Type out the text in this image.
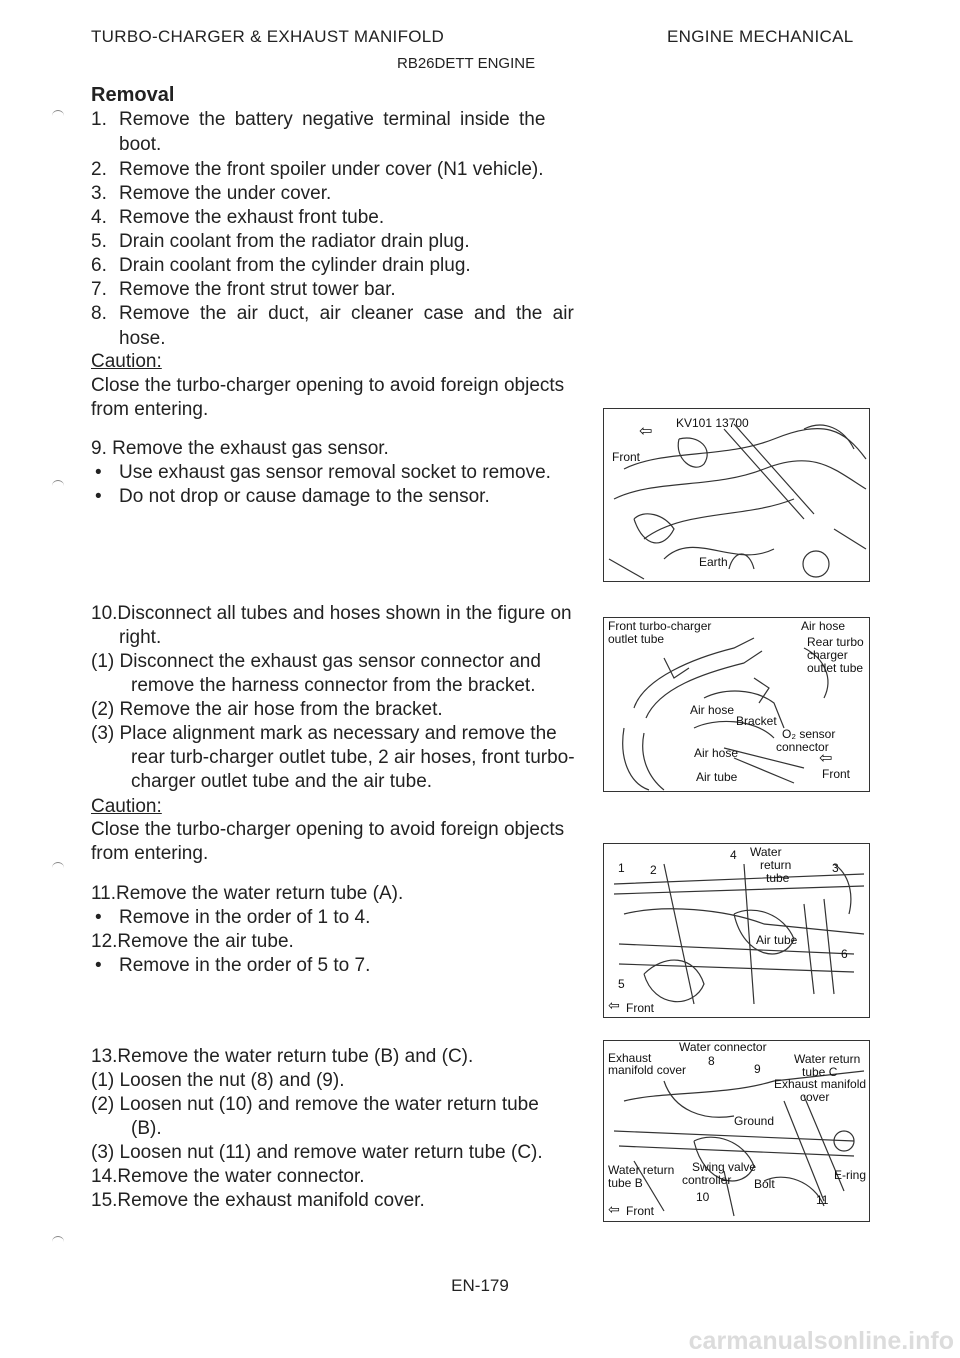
TURBO-CHARGER & EXHAUST MANIFOLD	ENGINE MECHANICAL
RB26DETT ENGINE
Removal
1. Remove the battery negative terminal inside the
boot.
2. Remove the front spoiler under cover (N1 vehicle).
3. Remove the under cover.
4. Remove the exhaust front tube.
5. Drain coolant from the radiator drain plug.
6. Drain coolant from the cylinder drain plug.
7. Remove the front strut tower bar.
8. Remove the air duct, air cleaner case and the air
hose.
Caution:
Close the turbo-charger opening to avoid foreign objects
from entering.
9. Remove the exhaust gas sensor.
• Use exhaust gas sensor removal socket to remove.
• Do not drop or cause damage to the sensor.
10.Disconnect all tubes and hoses shown in the figure on
right.
(1) Disconnect the exhaust gas sensor connector and
remove the harness connector from the bracket.
(2) Remove the air hose from the bracket.
(3) Place alignment mark as necessary and remove the
rear turb-charger outlet tube, 2 air hoses, front turbo-
charger outlet tube and the air tube.
Caution:
Close the turbo-charger opening to avoid foreign objects
from entering.
11.Remove the water return tube (A).
• Remove in the order of 1 to 4.
12.Remove the air tube.
• Remove in the order of 5 to 7.
13.Remove the water return tube (B) and (C).
(1) Loosen the nut (8) and (9).
(2) Loosen nut (10) and remove the water return tube
(B).
(3) Loosen nut (11) and remove water return tube (C).
14.Remove the water connector.
15.Remove the exhaust manifold cover.
KV101 13700
⇦
Front
Earth
Front turbo-charger
outlet tube
Air hose
Rear turbo
charger
outlet tube
Air hose
Bracket
O₂ sensor
connector
Air hose	⇦
Front
Air tube
1 2
4 Water
return
tube
3
Air tube
6
5
⇦ Front
Water connector
Exhaust
manifold cover
8
9
Water return
tube C
Exhaust manifold
cover
Ground
Swing valve
controller Bolt
Water return
tube B
E-ring
10	11
⇦ Front
EN-179
carmanualsonline.info
